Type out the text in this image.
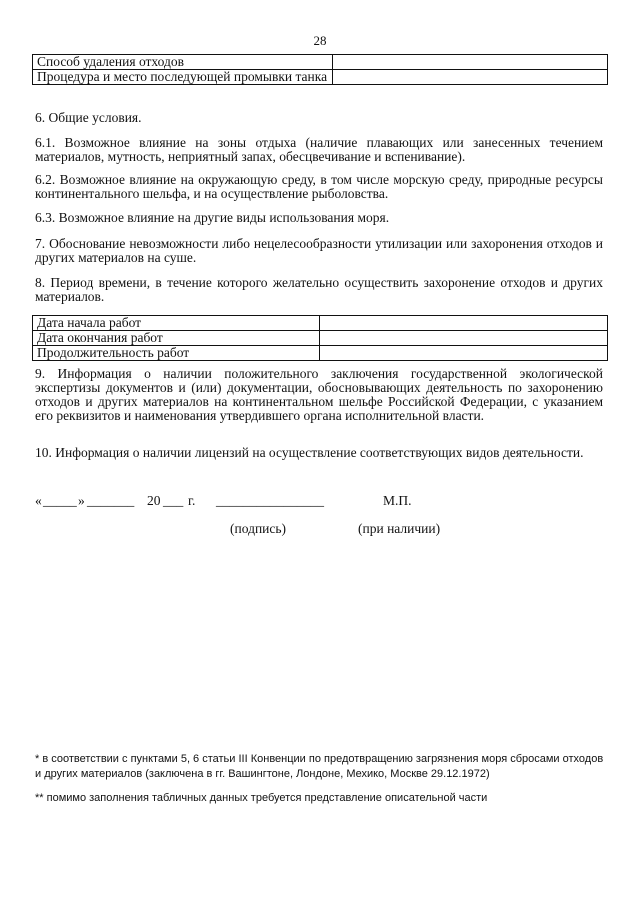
28
Способ удаления отходов	
Процедура и место последующей промывки танка	
6. Общие условия.
6.1. Возможное влияние на зоны отдыха (наличие плавающих или занесенных течением материалов, мутность, неприятный запах, обесцвечивание и вспенивание).
6.2. Возможное влияние на окружающую среду, в том числе морскую среду, природные ресурсы континентального шельфа, и на осуществление рыболовства.
6.3. Возможное влияние на другие виды использования моря.
7. Обоснование невозможности либо нецелесообразности утилизации или захоронения отходов и других материалов на суше.
8. Период времени, в течение которого желательно осуществить захоронение отходов и других материалов.
Дата начала работ	
Дата окончания работ	
Продолжительность работ	
9. Информация о наличии положительного заключения государственной экологической экспертизы документов и (или) документации, обосновывающих деятельность по захоронению отходов и других материалов на континентальном шельфе Российской Федерации, с указанием его реквизитов и наименования утвердившего органа исполнительной власти.
10. Информация о наличии лицензий на осуществление соответствующих видов деятельности.
« _____ » _______ 20 ___ г. ________________	М.П.
(подпись)	(при наличии)
* в соответствии с пунктами 5, 6 статьи III Конвенции по предотвращению загрязнения моря сбросами отходов и других материалов (заключена в гг. Вашингтоне, Лондоне, Мехико, Москве 29.12.1972)
** помимо заполнения табличных данных требуется представление описательной части
